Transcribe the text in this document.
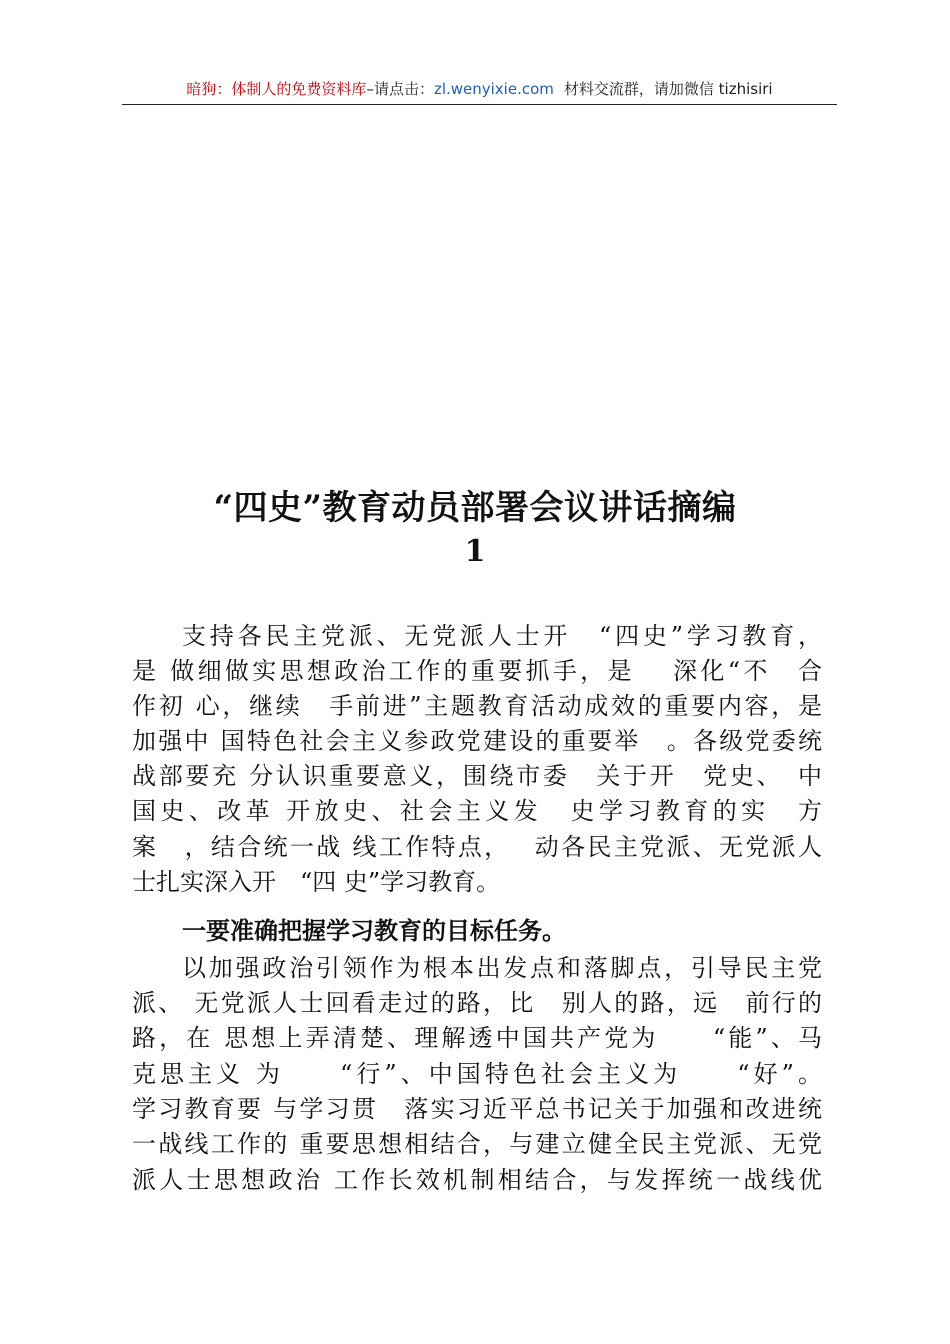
暗狗：体制人的免费资料库–请点击：zl.wenyixie.com 材料交流群，请加微信 tizhisiri
“四史”教育动员部署会议讲话摘编
1
支持各民主党派、无党派人士开　“四史”学习教育，
是 做细做实思想政治工作的重要抓手，是　 深化“不　合
作初 心，继续　手前进”主题教育活动成效的重要内容，是
加强中 国特色社会主义参政党建设的重要举　。各级党委统
战部要充 分认识重要意义，围绕市委　关于开　党史、　中
国史、改革 开放史、社会主义发　史学习教育的实　方
案　，结合统一战 线工作特点，　 动各民主党派、无党派人
士扎实深入开　“四 史”学习教育。
一要准确把握学习教育的目标任务。
以加强政治引领作为根本出发点和落脚点，引导民主党
派、 无党派人士回看走过的路，比　别人的路，远　前行的
路，在 思想上弄清楚、理解透中国共产党为　　“能”、马
克思主义 为　　“行”、中国特色社会主义为　　“好”。
学习教育要 与学习贯　落实习近平总书记关于加强和改进统
一战线工作的 重要思想相结合，与建立健全民主党派、无党
派人士思想政治 工作长效机制相结合，与发挥统一战线优
